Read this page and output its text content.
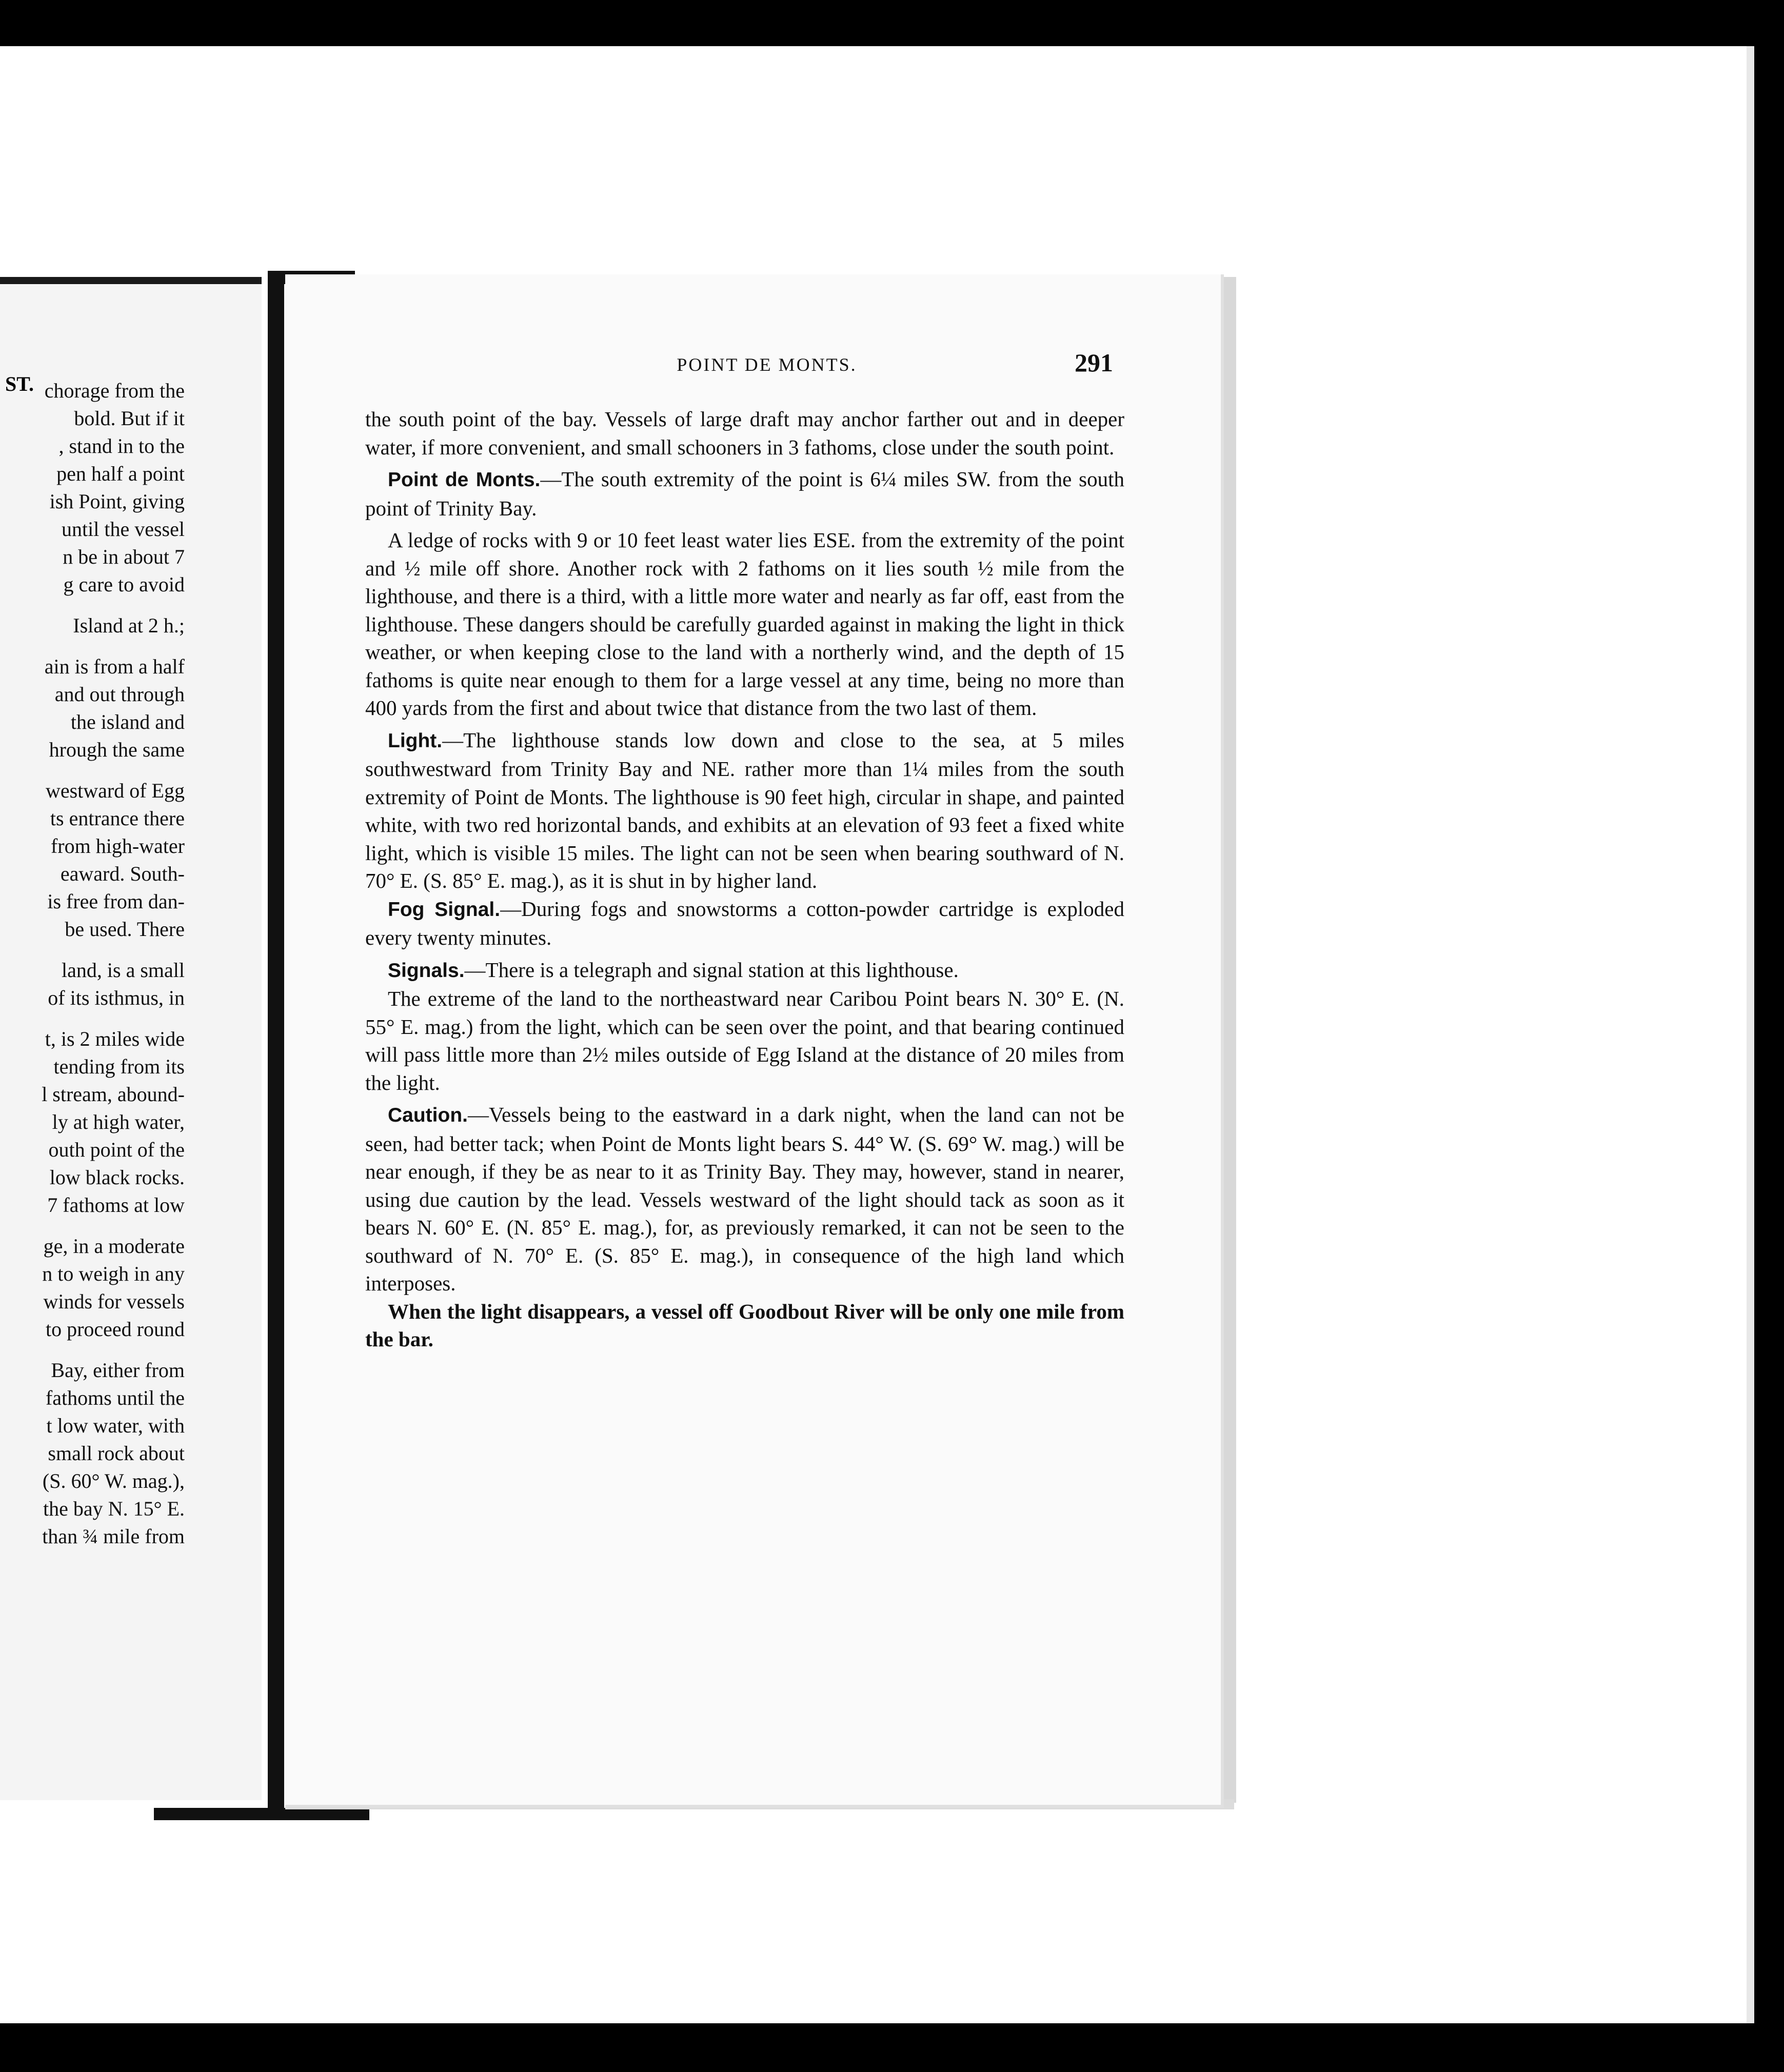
ST. chorage from the
bold. But if it
, stand in to the
pen half a point
ish Point, giving
until the vessel
n be in about 7
g care to avoid
Island at 2 h.;
ain is from a half
and out through
the island and
hrough the same
westward of Egg
ts entrance there
from high-water
eaward. South-
is free from dan-
be used. There
land, is a small
of its isthmus, in
t, is 2 miles wide
tending from its
l stream, abound-
ly at high water,
outh point of the
low black rocks.
7 fathoms at low
ge, in a moderate
n to weigh in any
winds for vessels
to proceed round
Bay, either from
fathoms until the
t low water, with
small rock about
(S. 60° W. mag.),
the bay N. 15° E.
than ¾ mile from
POINT DE MONTS.	291

the south point of the bay. Vessels of large draft may anchor farther out and in deeper water, if more convenient, and small schooners in 3 fathoms, close under the south point.

Point de Monts.—The south extremity of the point is 6¼ miles SW. from the south point of Trinity Bay.

A ledge of rocks with 9 or 10 feet least water lies ESE. from the extremity of the point and ½ mile off shore. Another rock with 2 fathoms on it lies south ½ mile from the lighthouse, and there is a third, with a little more water and nearly as far off, east from the lighthouse. These dangers should be carefully guarded against in making the light in thick weather, or when keeping close to the land with a northerly wind, and the depth of 15 fathoms is quite near enough to them for a large vessel at any time, being no more than 400 yards from the first and about twice that distance from the two last of them.

Light.—The lighthouse stands low down and close to the sea, at 5 miles southwestward from Trinity Bay and NE. rather more than 1¼ miles from the south extremity of Point de Monts. The lighthouse is 90 feet high, circular in shape, and painted white, with two red horizontal bands, and exhibits at an elevation of 93 feet a fixed white light, which is visible 15 miles. The light can not be seen when bearing southward of N. 70° E. (S. 85° E. mag.), as it is shut in by higher land.

Fog Signal.—During fogs and snowstorms a cotton-powder cartridge is exploded every twenty minutes.

Signals.—There is a telegraph and signal station at this lighthouse.

The extreme of the land to the northeastward near Caribou Point bears N. 30° E. (N. 55° E. mag.) from the light, which can be seen over the point, and that bearing continued will pass little more than 2½ miles outside of Egg Island at the distance of 20 miles from the light.

Caution.—Vessels being to the eastward in a dark night, when the land can not be seen, had better tack; when Point de Monts light bears S. 44° W. (S. 69° W. mag.) will be near enough, if they be as near to it as Trinity Bay. They may, however, stand in nearer, using due caution by the lead. Vessels westward of the light should tack as soon as it bears N. 60° E. (N. 85° E. mag.), for, as previously remarked, it can not be seen to the southward of N. 70° E. (S. 85° E. mag.), in consequence of the high land which interposes.

When the light disappears, a vessel off Goodbout River will be only one mile from the bar.
